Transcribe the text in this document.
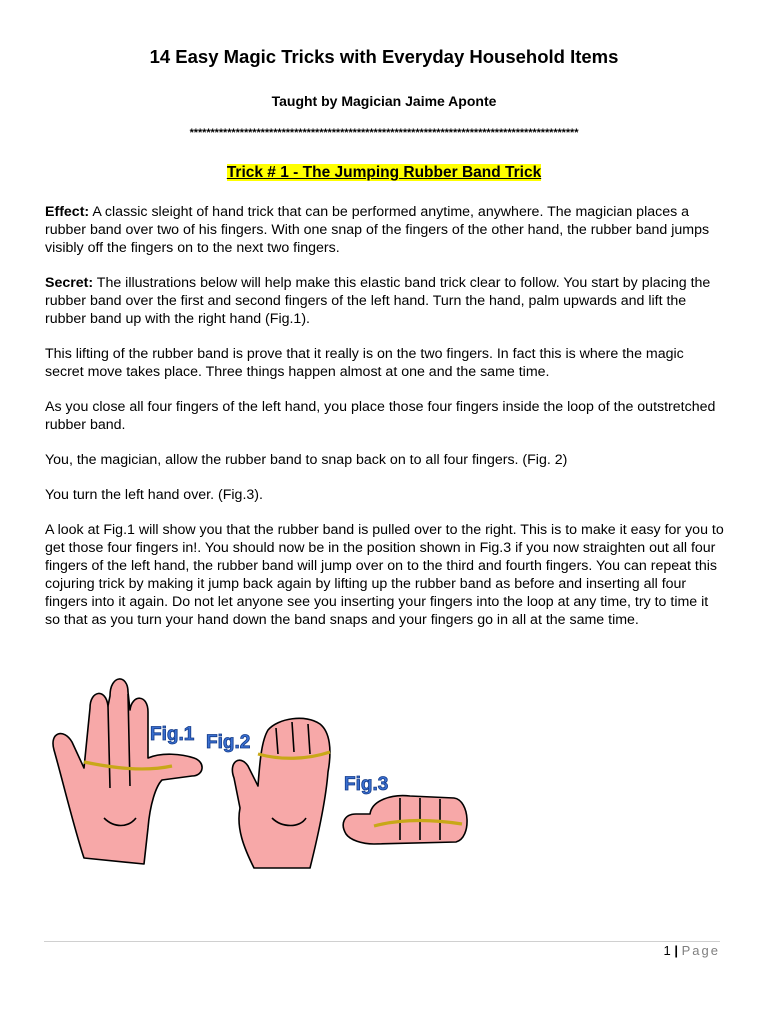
14 Easy Magic Tricks with Everyday Household Items
Taught by Magician Jaime Aponte
*********************************************************************************************
Trick # 1 - The Jumping Rubber Band Trick

Effect: A classic sleight of hand trick that can be performed anytime, anywhere. The magician places a rubber band over two of his fingers. With one snap of the fingers of the other hand, the rubber band jumps visibly off the fingers on to the next two fingers.

Secret: The illustrations below will help make this elastic band trick clear to follow. You start by placing the rubber band over the first and second fingers of the left hand. Turn the hand, palm upwards and lift the rubber band up with the right hand (Fig.1).

This lifting of the rubber band is prove that it really is on the two fingers. In fact this is where the magic secret move takes place. Three things happen almost at one and the same time.

As you close all four fingers of the left hand, you place those four fingers inside the loop of the outstretched rubber band.

You, the magician, allow the rubber band to snap back on to all four fingers. (Fig. 2)

You turn the left hand over. (Fig.3).

A look at Fig.1 will show you that the rubber band is pulled over to the right. This is to make it easy for you to get those four fingers in!. You should now be in the position shown in Fig.3 if you now straighten out all four fingers of the left hand, the rubber band will jump over on to the third and fourth fingers. You can repeat this cojuring trick by making it jump back again by lifting up the rubber band as before and inserting all four fingers into it again. Do not let anyone see you inserting your fingers into the loop at any time, try to time it so that as you turn your hand down the band snaps and your fingers go in all at the same time.

Fig.1 Fig.2
Fig.3
1 | Page
